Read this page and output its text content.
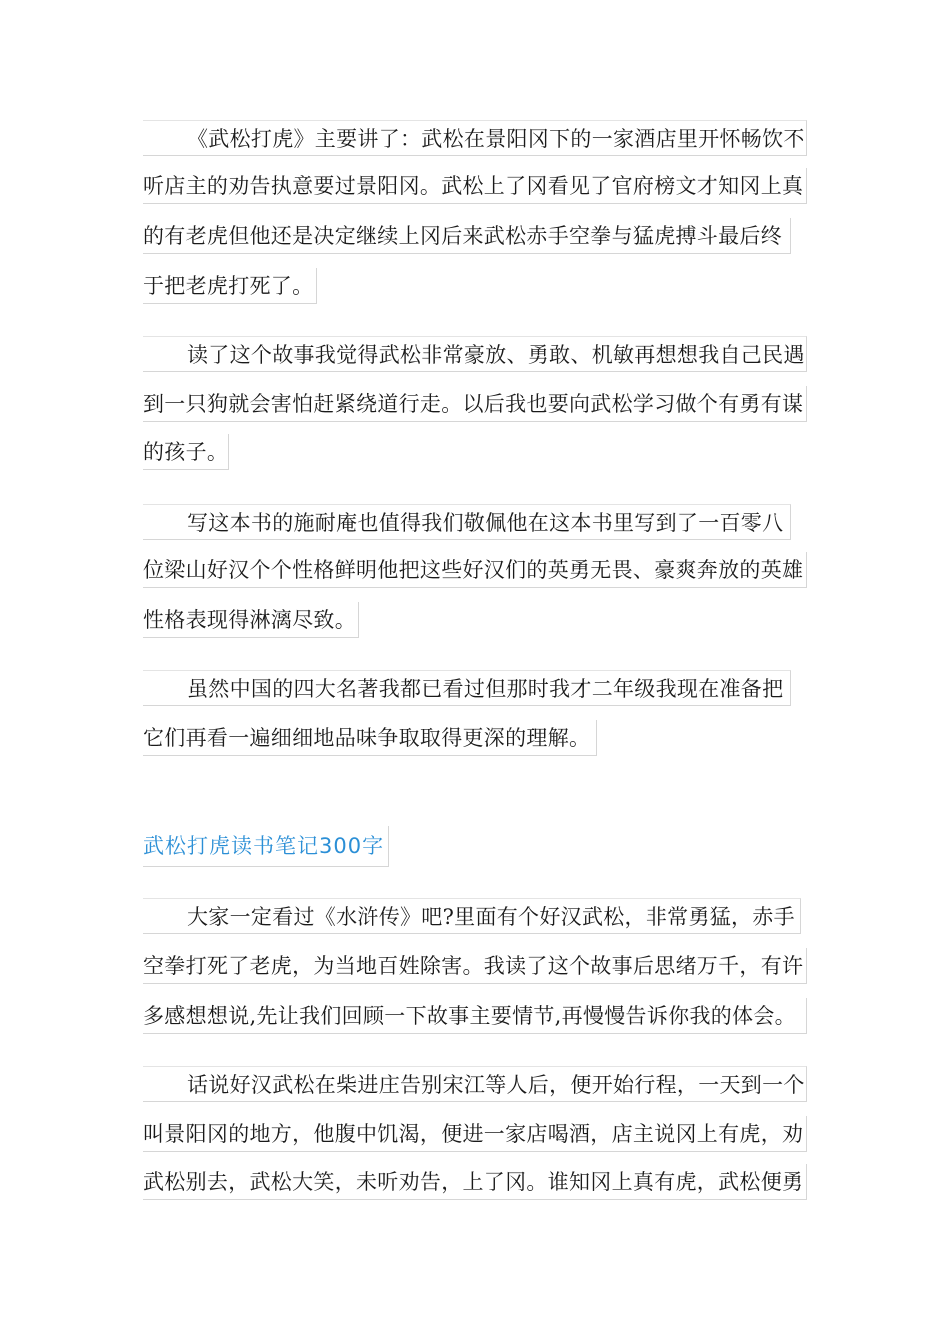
《武松打虎》主要讲了：武松在景阳冈下的一家酒店里开怀畅饮不
听店主的劝告执意要过景阳冈。武松上了冈看见了官府榜文才知冈上真
的有老虎但他还是决定继续上冈后来武松赤手空拳与猛虎搏斗最后终
于把老虎打死了。
读了这个故事我觉得武松非常豪放、勇敢、机敏再想想我自己民遇
到一只狗就会害怕赶紧绕道行走。以后我也要向武松学习做个有勇有谋
的孩子。
写这本书的施耐庵也值得我们敬佩他在这本书里写到了一百零八
位梁山好汉个个性格鲜明他把这些好汉们的英勇无畏、豪爽奔放的英雄
性格表现得淋漓尽致。
虽然中国的四大名著我都已看过但那时我才二年级我现在准备把
它们再看一遍细细地品味争取取得更深的理解。
武松打虎读书笔记300字
大家一定看过《水浒传》吧?里面有个好汉武松，非常勇猛，赤手
空拳打死了老虎，为当地百姓除害。我读了这个故事后思绪万千，有许
多感想想说,先让我们回顾一下故事主要情节,再慢慢告诉你我的体会。
话说好汉武松在柴进庄告别宋江等人后，便开始行程，一天到一个
叫景阳冈的地方，他腹中饥渴，便进一家店喝酒，店主说冈上有虎，劝
武松别去，武松大笑，未听劝告，上了冈。谁知冈上真有虎，武松便勇
